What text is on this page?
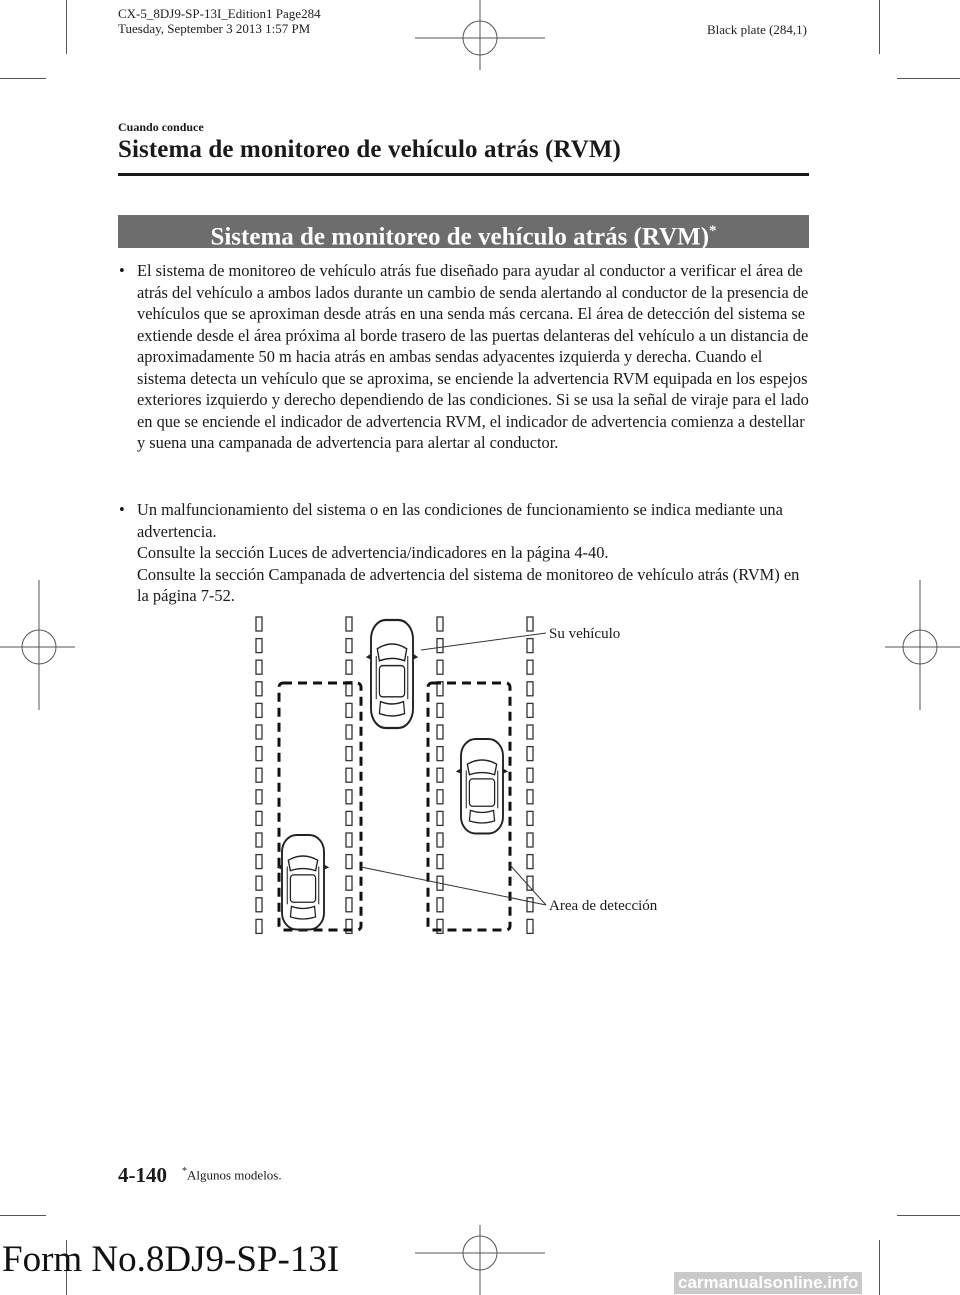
CX-5_8DJ9-SP-13I_Edition1 Page284
Tuesday, September 3 2013 1:57 PM	Black plate (284,1)
Cuando conduce
Sistema de monitoreo de vehículo atrás (RVM)
Sistema de monitoreo de vehículo atrás (RVM)*
• El sistema de monitoreo de vehículo atrás fue diseñado para ayudar al conductor a verificar el área de atrás del vehículo a ambos lados durante un cambio de senda alertando al conductor de la presencia de vehículos que se aproximan desde atrás en una senda más cercana. El área de detección del sistema se extiende desde el área próxima al borde trasero de las puertas delanteras del vehículo a un distancia de aproximadamente 50 m hacia atrás en ambas sendas adyacentes izquierda y derecha. Cuando el sistema detecta un vehículo que se aproxima, se enciende la advertencia RVM equipada en los espejos exteriores izquierdo y derecho dependiendo de las condiciones. Si se usa la señal de viraje para el lado en que se enciende el indicador de advertencia RVM, el indicador de advertencia comienza a destellar y suena una campanada de advertencia para alertar al conductor.
• Un malfuncionamiento del sistema o en las condiciones de funcionamiento se indica mediante una advertencia.
Consulte la sección Luces de advertencia/indicadores en la página 4-40.
Consulte la sección Campanada de advertencia del sistema de monitoreo de vehículo atrás (RVM) en la página 7-52.
Su vehículo
Area de detección
4-140 *Algunos modelos.
Form No.8DJ9-SP-13I
carmanualsonline.info
